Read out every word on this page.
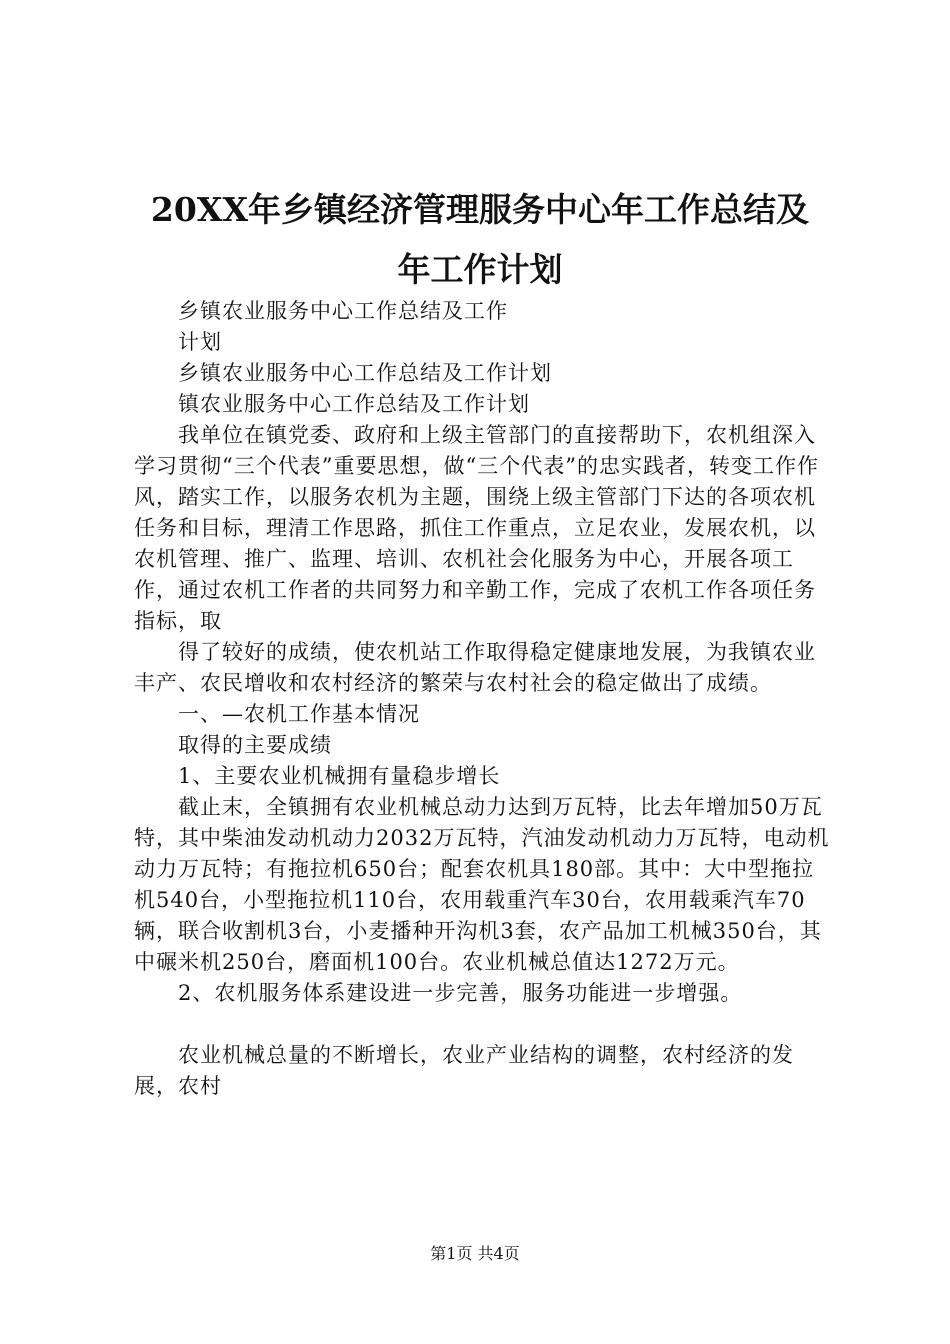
20XX年乡镇经济管理服务中心年工作总结及
年工作计划

乡镇农业服务中心工作总结及工作

计划

乡镇农业服务中心工作总结及工作计划

镇农业服务中心工作总结及工作计划

我单位在镇党委、政府和上级主管部门的直接帮助下，农机组深入学习贯彻“三个代表”重要思想，做“三个代表”的忠实践者，转变工作作风，踏实工作，以服务农机为主题，围绕上级主管部门下达的各项农机任务和目标，理清工作思路，抓住工作重点，立足农业，发展农机，以农机管理、推广、监理、培训、农机社会化服务为中心，开展各项工作，通过农机工作者的共同努力和辛勤工作，完成了农机工作各项任务指标，取

得了较好的成绩，使农机站工作取得稳定健康地发展，为我镇农业丰产、农民增收和农村经济的繁荣与农村社会的稳定做出了成绩。

一、—农机工作基本情况

取得的主要成绩

1、主要农业机械拥有量稳步增长

截止末，全镇拥有农业机械总动力达到万瓦特，比去年增加50万瓦特，其中柴油发动机动力2032万瓦特，汽油发动机动力万瓦特，电动机动力万瓦特；有拖拉机650台；配套农机具180部。其中：大中型拖拉机540台，小型拖拉机110台，农用载重汽车30台，农用载乘汽车70辆，联合收割机3台，小麦播种开沟机3套，农产品加工机械350台，其中碾米机250台，磨面机100台。农业机械总值达1272万元。

2、农机服务体系建设进一步完善，服务功能进一步增强。

农业机械总量的不断增长，农业产业结构的调整，农村经济的发展，农村

第1页 共4页
